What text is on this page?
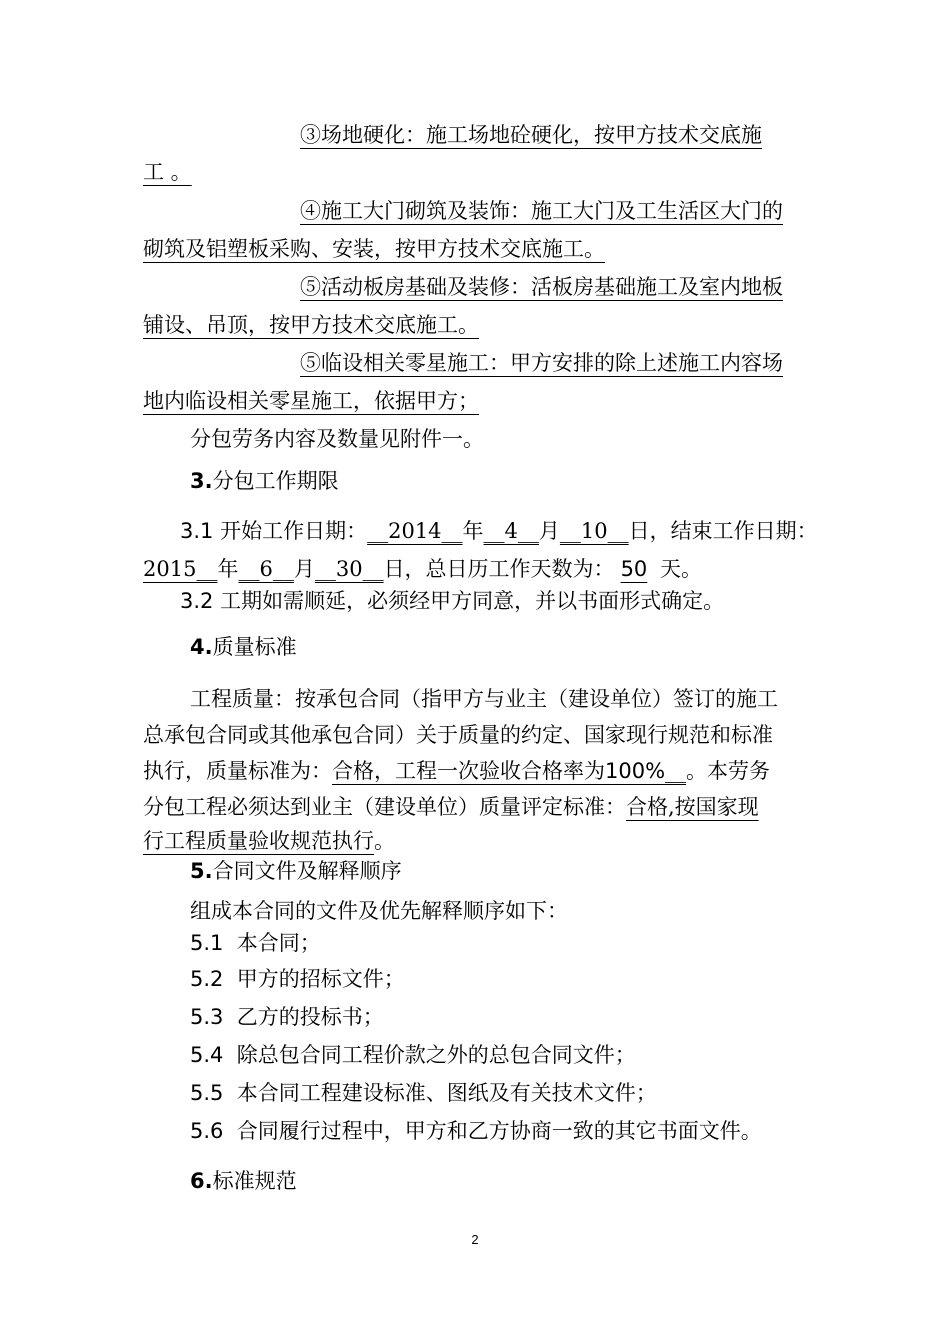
③场地硬化：施工场地砼硬化，按甲方技术交底施
工 。
④施工大门砌筑及装饰：施工大门及工生活区大门的
砌筑及铝塑板采购、安装，按甲方技术交底施工。
⑤活动板房基础及装修：活板房基础施工及室内地板
铺设、吊顶，按甲方技术交底施工。
⑤临设相关零星施工：甲方安排的除上述施工内容场
地内临设相关零星施工，依据甲方；
分包劳务内容及数量见附件一。
3.分包工作期限
3.1 开始工作日期：__2014__年__4__月__10__日，结束工作日期：
2015__年__6__月__30__日，总日历工作天数为： 50 天。
3.2 工期如需顺延，必须经甲方同意，并以书面形式确定。
4.质量标准
工程质量：按承包合同（指甲方与业主（建设单位）签订的施工
总承包合同或其他承包合同）关于质量的约定、国家现行规范和标准
执行，质量标准为：合格，工程一次验收合格率为100%__。本劳务
分包工程必须达到业主（建设单位）质量评定标准：合格,按国家现
行工程质量验收规范执行。
5.合同文件及解释顺序
组成本合同的文件及优先解释顺序如下：
5.1 本合同；
5.2 甲方的招标文件；
5.3 乙方的投标书；
5.4 除总包合同工程价款之外的总包合同文件；
5.5 本合同工程建设标准、图纸及有关技术文件；
5.6 合同履行过程中，甲方和乙方协商一致的其它书面文件。
6.标准规范
2
